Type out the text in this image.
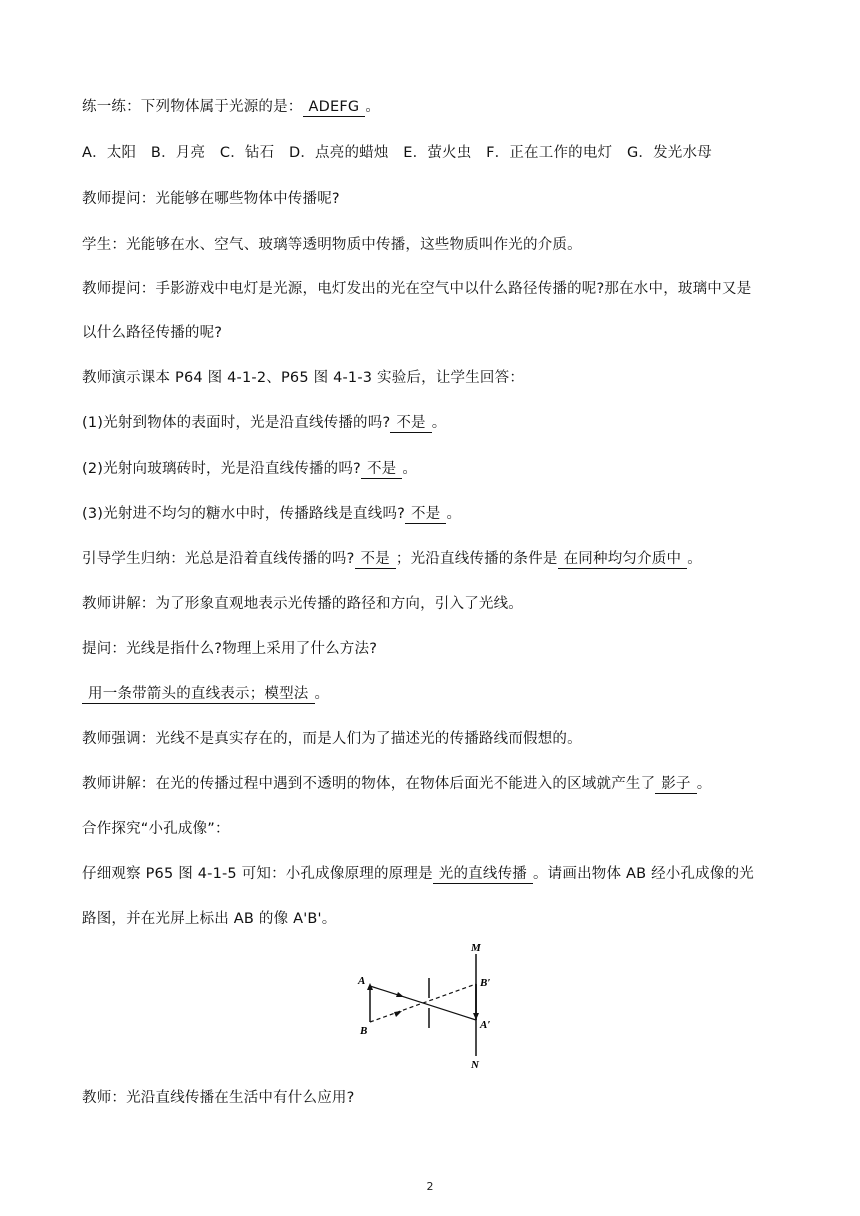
练一练：下列物体属于光源的是： ADEFG 。
A．太阳　B．月亮　C．钻石　D．点亮的蜡烛　E．萤火虫　F．正在工作的电灯　G．发光水母
教师提问：光能够在哪些物体中传播呢?
学生：光能够在水、空气、玻璃等透明物质中传播，这些物质叫作光的介质。
教师提问：手影游戏中电灯是光源，电灯发出的光在空气中以什么路径传播的呢?那在水中，玻璃中又是
以什么路径传播的呢?
教师演示课本 P64 图 4-1-2、P65 图 4-1-3 实验后，让学生回答：
(1)光射到物体的表面时，光是沿直线传播的吗? 不是 。
(2)光射向玻璃砖时，光是沿直线传播的吗? 不是 。
(3)光射进不均匀的糖水中时，传播路线是直线吗? 不是 。
引导学生归纳：光总是沿着直线传播的吗? 不是 ；光沿直线传播的条件是 在同种均匀介质中 。
教师讲解：为了形象直观地表示光传播的路径和方向，引入了光线。
提问：光线是指什么?物理上采用了什么方法?
用一条带箭头的直线表示；模型法 。
教师强调：光线不是真实存在的，而是人们为了描述光的传播路线而假想的。
教师讲解：在光的传播过程中遇到不透明的物体，在物体后面光不能进入的区域就产生了 影子 。
合作探究“小孔成像”：
仔细观察 P65 图 4-1-5 可知：小孔成像原理的原理是 光的直线传播 。请画出物体 AB 经小孔成像的光
路图，并在光屏上标出 AB 的像 A'B'。
教师：光沿直线传播在生活中有什么应用?
A
B
M
N
B′
A′
2
